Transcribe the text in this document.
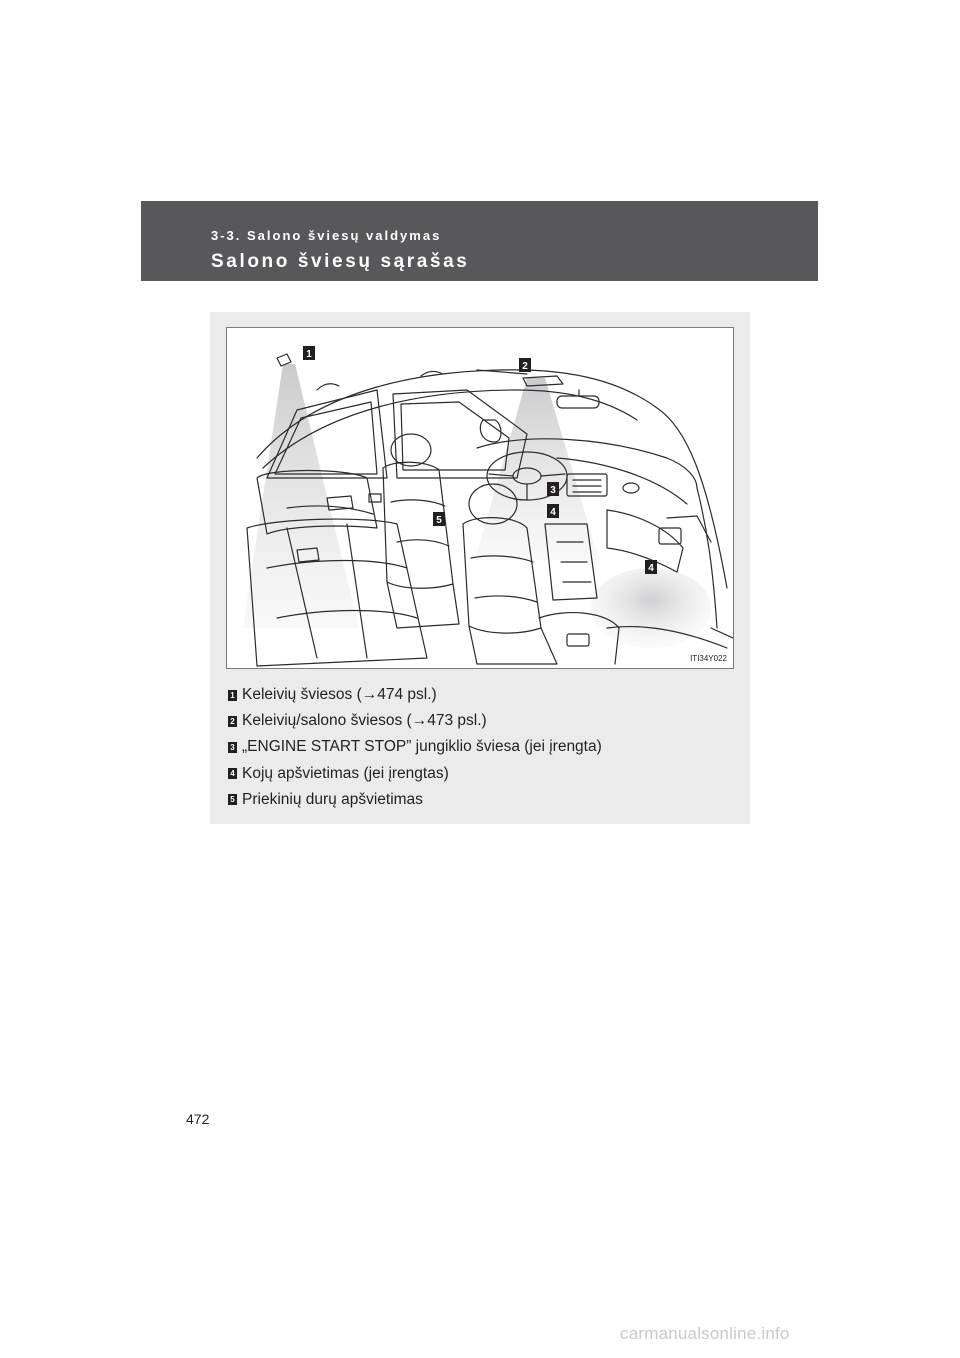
3-3. Salono šviesų valdymas
Salono šviesų sąrašas
1
2
3
4
5
4
ITI34Y022
1 Keleivių šviesos (→474 psl.)
2 Keleivių/salono šviesos (→473 psl.)
3 „ENGINE START STOP” jungiklio šviesa (jei įrengta)
4 Kojų apšvietimas (jei įrengtas)
5 Priekinių durų apšvietimas
472
carmanualsonline.info
